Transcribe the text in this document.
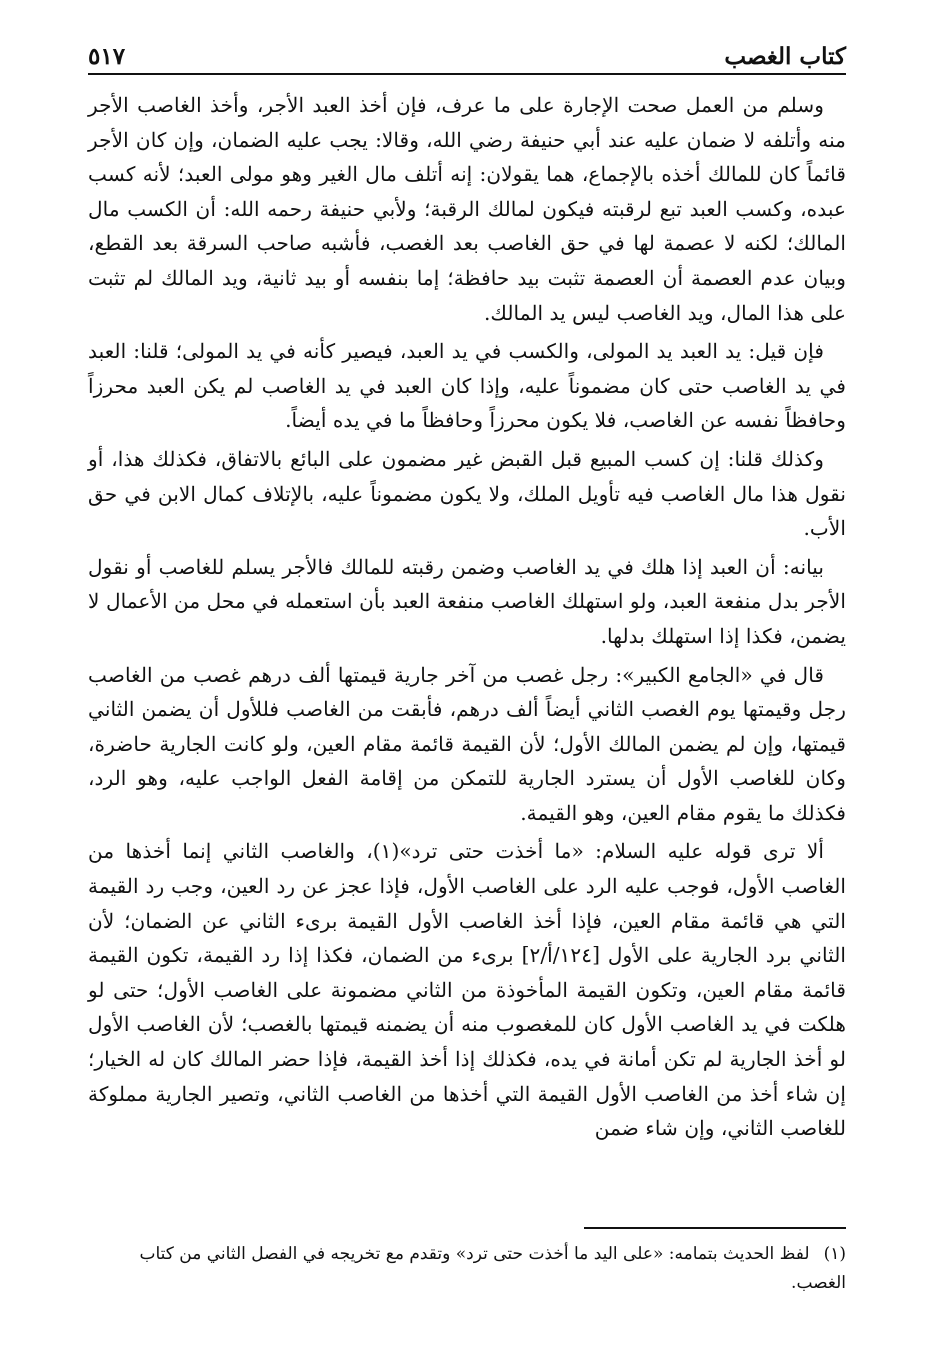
٥١٧	كتاب الغصب

وسلم من العمل صحت الإجارة على ما عرف، فإن أخذ العبد الأجر، وأخذ الغاصب الأجر منه وأتلفه لا ضمان عليه عند أبي حنيفة رضي الله، وقالا: يجب عليه الضمان، وإن كان الأجر قائماً كان للمالك أخذه بالإجماع، هما يقولان: إنه أتلف مال الغير وهو مولى العبد؛ لأنه كسب عبده، وكسب العبد تبع لرقبته فيكون لمالك الرقبة؛ ولأبي حنيفة رحمه الله: أن الكسب مال المالك؛ لكنه لا عصمة لها في حق الغاصب بعد الغصب، فأشبه صاحب السرقة بعد القطع، وبيان عدم العصمة أن العصمة تثبت بيد حافظة؛ إما بنفسه أو بيد ثانية، ويد المالك لم تثبت على هذا المال، ويد الغاصب ليس يد المالك.

فإن قيل: يد العبد يد المولى، والكسب في يد العبد، فيصير كأنه في يد المولى؛ قلنا: العبد في يد الغاصب حتى كان مضموناً عليه، وإذا كان العبد في يد الغاصب لم يكن العبد محرزاً وحافظاً نفسه عن الغاصب، فلا يكون محرزاً وحافظاً ما في يده أيضاً.

وكذلك قلنا: إن كسب المبيع قبل القبض غير مضمون على البائع بالاتفاق، فكذلك هذا، أو نقول هذا مال الغاصب فيه تأويل الملك، ولا يكون مضموناً عليه، بالإتلاف كمال الابن في حق الأب.

بيانه: أن العبد إذا هلك في يد الغاصب وضمن رقبته للمالك فالأجر يسلم للغاصب أو نقول الأجر بدل منفعة العبد، ولو استهلك الغاصب منفعة العبد بأن استعمله في محل من الأعمال لا يضمن، فكذا إذا استهلك بدلها.

قال في «الجامع الكبير»: رجل غصب من آخر جارية قيمتها ألف درهم غصب من الغاصب رجل وقيمتها يوم الغصب الثاني أيضاً ألف درهم، فأبقت من الغاصب فللأول أن يضمن الثاني قيمتها، وإن لم يضمن المالك الأول؛ لأن القيمة قائمة مقام العين، ولو كانت الجارية حاضرة، وكان للغاصب الأول أن يسترد الجارية للتمكن من إقامة الفعل الواجب عليه، وهو الرد، فكذلك ما يقوم مقام العين، وهو القيمة.

ألا ترى قوله عليه السلام: «ما أخذت حتى ترد»(١)، والغاصب الثاني إنما أخذها من الغاصب الأول، فوجب عليه الرد على الغاصب الأول، فإذا عجز عن رد العين، وجب رد القيمة التي هي قائمة مقام العين، فإذا أخذ الغاصب الأول القيمة برىء الثاني عن الضمان؛ لأن الثاني برد الجارية على الأول [١٢٤/أ/٢] برىء من الضمان، فكذا إذا رد القيمة، تكون القيمة قائمة مقام العين، وتكون القيمة المأخوذة من الثاني مضمونة على الغاصب الأول؛ حتى لو هلكت في يد الغاصب الأول كان للمغصوب منه أن يضمنه قيمتها بالغصب؛ لأن الغاصب الأول لو أخذ الجارية لم تكن أمانة في يده، فكذلك إذا أخذ القيمة، فإذا حضر المالك كان له الخيار؛ إن شاء أخذ من الغاصب الأول القيمة التي أخذها من الغاصب الثاني، وتصير الجارية مملوكة للغاصب الثاني، وإن شاء ضمن

(١)لفظ الحديث بتمامه: «على اليد ما أخذت حتى ترد» وتقدم مع تخريجه في الفصل الثاني من كتاب الغصب.
